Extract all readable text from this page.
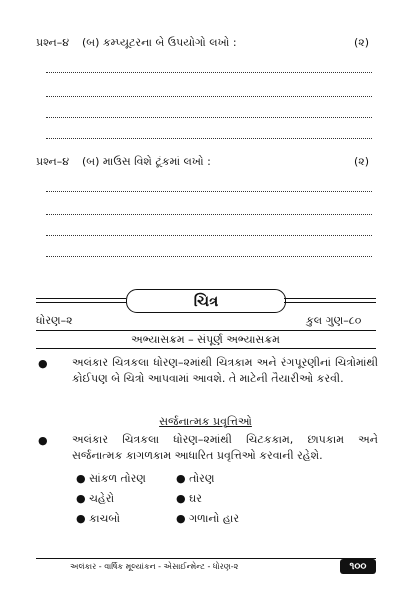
પ્રશ્ન–૪ (બ) કમ્પ્યૂટરના બે ઉપયોગો લખો :	(૨)
પ્રશ્ન–૪ (બ) માઉસ વિશે ટૂંકમાં લખો :	(૨)
ચિત્ર
ધોરણ–૨	કુલ ગુણ–૮૦
અભ્યાસક્રમ – સંપૂર્ણ અભ્યાસક્રમ
● અલંકાર ચિત્રકલા ધોરણ–૨માંથી ચિત્રકામ અને રંગપૂરણીનાં ચિત્રોમાંથી કોઈપણ બે ચિત્રો આપવામાં આવશે. તે માટેની તૈયારીઓ કરવી.
સર્જનાત્મક પ્રવૃત્તિઓ
● અલંકાર ચિત્રકલા ધોરણ–૨માંથી ચિટકકામ, છાપકામ અને સર્જનાત્મક કાગળકામ આધારિત પ્રવૃત્તિઓ કરવાની રહેશે.
● સાંકળ તોરણ	● તોરણ
● ચહેરો	● ઘર
● કાચબો	● ગળાનો હાર
અલંકાર - વાર્ષિક મૂલ્યાંકન - એસાઈન્મેન્ટ - ધોરણ-૨	૧૦૦
